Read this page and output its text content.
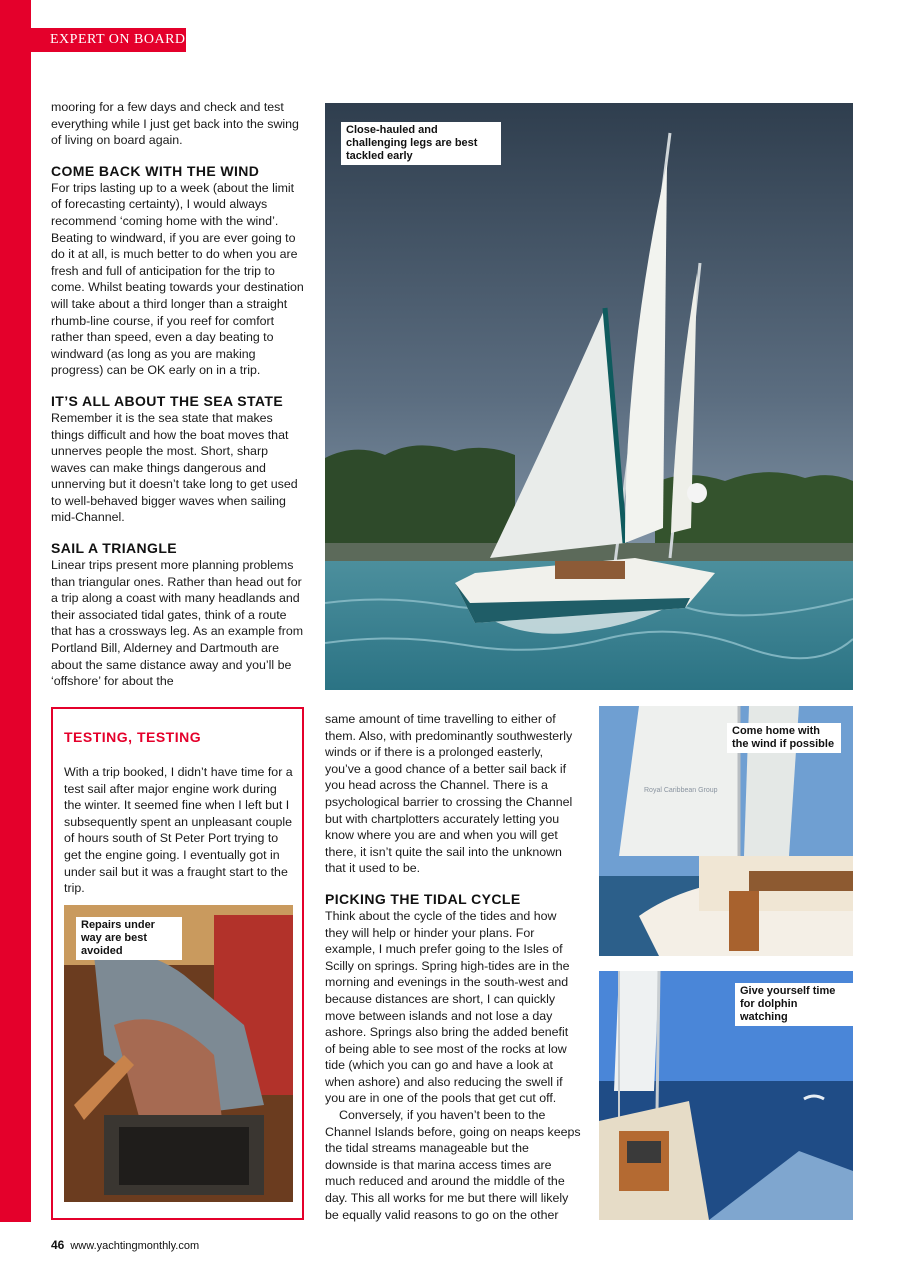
EXPERT ON BOARD

mooring for a few days and check and test everything while I just get back into the swing of living on board again.

COME BACK WITH THE WIND

For trips lasting up to a week (about the limit of forecasting certainty), I would always recommend ‘coming home with the wind’. Beating to windward, if you are ever going to do it at all, is much better to do when you are fresh and full of anticipation for the trip to come. Whilst beating towards your destination will take about a third longer than a straight rhumb-line course, if you reef for comfort rather than speed, even a day beating to windward (as long as you are making progress) can be OK early on in a trip.

IT’S ALL ABOUT THE SEA STATE

Remember it is the sea state that makes things difficult and how the boat moves that unnerves people the most. Short, sharp waves can make things dangerous and unnerving but it doesn’t take long to get used to well-behaved bigger waves when sailing mid-Channel.

SAIL A TRIANGLE

Linear trips present more planning problems than triangular ones. Rather than head out for a trip along a coast with many headlands and their associated tidal gates, think of a route that has a crossways leg. As an example from Portland Bill, Alderney and Dartmouth are about the same distance away and you’ll be ‘offshore’ for about the

Close-hauled and challenging legs are best tackled early
TESTING, TESTING

With a trip booked, I didn’t have time for a test sail after major engine work during the winter. It seemed fine when I left but I subsequently spent an unpleasant couple of hours south of St Peter Port trying to get the engine going. I eventually got in under sail but it was a fraught start to the trip.

Repairs under way are best avoided

same amount of time travelling to either of them. Also, with predominantly southwesterly winds or if there is a prolonged easterly, you’ve a good chance of a better sail back if you head across the Channel. There is a psychological barrier to crossing the Channel but with chartplotters accurately letting you know where you are and when you will get there, it isn’t quite the sail into the unknown that it used to be.

PICKING THE TIDAL CYCLE

Think about the cycle of the tides and how they will help or hinder your plans. For example, I much prefer going to the Isles of Scilly on springs. Spring high-tides are in the morning and evenings in the south-west and because distances are short, I can quickly move between islands and not lose a day ashore. Springs also bring the added benefit of being able to see most of the rocks at low tide (which you can go and have a look at when ashore) and also reducing the swell if you are in one of the pools that get cut off.

Conversely, if you haven’t been to the Channel Islands before, going on neaps keeps the tidal streams manageable but the downside is that marina access times are much reduced and around the middle of the day. This all works for me but there will likely be equally valid reasons to go on the other

Royal Caribbean Group
Come home with the wind if possible
Give yourself time for dolphin watching
46 www.yachtingmonthly.com
